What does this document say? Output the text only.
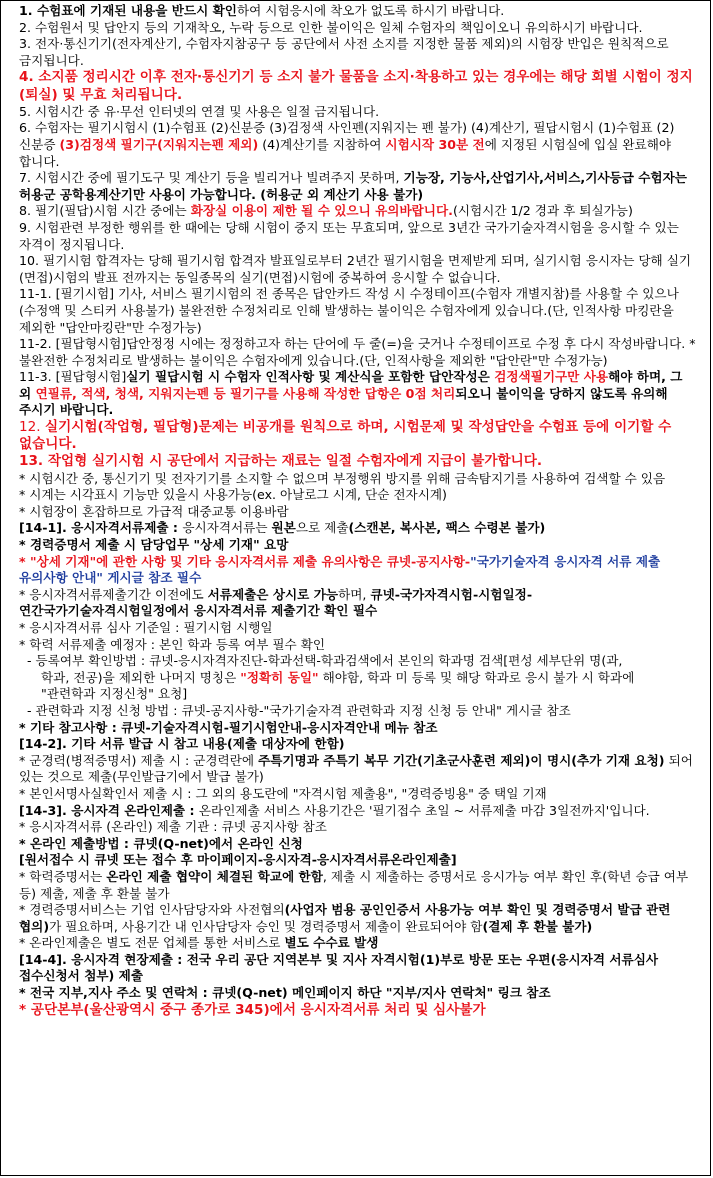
1. 수험표에 기재된 내용을 반드시 확인하여 시험응시에 착오가 없도록 하시기 바랍니다.

2. 수험원서 및 답안지 등의 기재착오, 누락 등으로 인한 불이익은 일체 수험자의 책임이오니 유의하시기 바랍니다.

3. 전자·통신기기(전자계산기, 수험자지참공구 등 공단에서 사전 소지를 지정한 물품 제외)의 시험장 반입은 원칙적으로 금지됩니다.

4. 소지품 정리시간 이후 전자·통신기기 등 소지 불가 물품을 소지·착용하고 있는 경우에는 해당 회별 시험이 정지(퇴실) 및 무효 처리됩니다.

5. 시험시간 중 유·무선 인터넷의 연결 및 사용은 일절 금지됩니다.

6. 수험자는 필기시험시 (1)수험표 (2)신분증 (3)검정색 사인펜(지워지는 펜 불가) (4)계산기, 필답시험시 (1)수험표 (2)신분증 (3)검정색 필기구(지워지는펜 제외) (4)계산기를 지참하여 시험시작 30분 전에 지정된 시험실에 입실 완료해야 합니다.

7. 시험시간 중에 필기도구 및 계산기 등을 빌리거나 빌려주지 못하며, 기능장, 기능사,산업기사,서비스,기사등급 수험자는 허용군 공학용계산기만 사용이 가능합니다. (허용군 외 계산기 사용 불가)

8. 필기(필답)시험 시간 중에는 화장실 이용이 제한 될 수 있으니 유의바랍니다.(시험시간 1/2 경과 후 퇴실가능)

9. 시험관련 부정한 행위를 한 때에는 당해 시험이 중지 또는 무효되며, 앞으로 3년간 국가기술자격시험을 응시할 수 있는 자격이 정지됩니다.

10. 필기시험 합격자는 당해 필기시험 합격자 발표일로부터 2년간 필기시험을 면제받게 되며, 실기시험 응시자는 당해 실기(면접)시험의 발표 전까지는 동일종목의 실기(면접)시험에 중복하여 응시할 수 없습니다.

11-1. [필기시험] 기사, 서비스 필기시험의 전 종목은 답안카드 작성 시 수정테이프(수험자 개별지참)를 사용할 수 있으나(수정액 및 스티커 사용불가) 불완전한 수정처리로 인해 발생하는 불이익은 수험자에게 있습니다.(단, 인적사항 마킹란을 제외한 "답안마킹란"만 수정가능)

11-2. [필답형시험]답안정정 시에는 정정하고자 하는 단어에 두 줄(=)을 긋거나 수정테이프로 수정 후 다시 작성바랍니다. * 불완전한 수정처리로 발생하는 불이익은 수험자에게 있습니다.(단, 인적사항을 제외한 "답안란"만 수정가능)

11-3. [필답형시험]실기 필답시험 시 수험자 인적사항 및 계산식을 포함한 답안작성은 검정색필기구만 사용해야 하며, 그 외 연필류, 적색, 청색, 지워지는펜 등 필기구를 사용해 작성한 답항은 0점 처리되오니 불이익을 당하지 않도록 유의해 주시기 바랍니다.

12. 실기시험(작업형, 필답형)문제는 비공개를 원칙으로 하며, 시험문제 및 작성답안을 수험표 등에 이기할 수 없습니다.

13. 작업형 실기시험 시 공단에서 지급하는 재료는 일절 수험자에게 지급이 불가합니다.

* 시험시간 중, 통신기기 및 전자기기를 소지할 수 없으며 부정행위 방지를 위해 금속탐지기를 사용하여 검색할 수 있음

* 시계는 시각표시 기능만 있을시 사용가능(ex. 아날로그 시계, 단순 전자시계)

* 시험장이 혼잡하므로 가급적 대중교통 이용바람

[14-1]. 응시자격서류제출 : 응시자격서류는 원본으로 제출(스캔본, 복사본, 팩스 수령본 불가)

* 경력증명서 제출 시 담당업무 "상세 기재" 요망

* "상세 기재"에 관한 사항 및 기타 응시자격서류 제출 유의사항은 큐넷-공지사항-"국가기술자격 응시자격 서류 제출 유의사항 안내" 게시글 참조 필수

* 응시자격서류제출기간 이전에도 서류제출은 상시로 가능하며, 큐넷-국가자격시험-시험일정-연간국가기술자격시험일정에서 응시자격서류 제출기간 확인 필수

* 응시자격서류 심사 기준일 : 필기시험 시행일

* 학력 서류제출 예정자 : 본인 학과 등록 여부 필수 확인

- 등록여부 확인방법 : 큐넷-응시자격자진단-학과선택-학과검색에서 본인의 학과명 검색[편성 세부단위 명(과,

학과, 전공)을 제외한 나머지 명칭은 "정확히 동일" 해야함, 학과 미 등록 및 해당 학과로 응시 불가 시 학과에

"관련학과 지정신청" 요청]

- 관련학과 지정 신청 방법 : 큐넷-공지사항-"국가기술자격 관련학과 지정 신청 등 안내" 게시글 참조

* 기타 참고사항 : 큐넷-기술자격시험-필기시험안내-응시자격안내 메뉴 참조

[14-2]. 기타 서류 발급 시 참고 내용(제출 대상자에 한함)

* 군경력(병적증명서) 제출 시 : 군경력란에 주특기명과 주특기 복무 기간(기초군사훈련 제외)이 명시(추가 기재 요청) 되어 있는 것으로 제출(무인발급기에서 발급 불가)

* 본인서명사실확인서 제출 시 : 그 외의 용도란에 "자격시험 제출용", "경력증빙용" 중 택일 기재

[14-3]. 응시자격 온라인제출 : 온라인제출 서비스 사용기간은 '필기접수 초일 ~ 서류제출 마감 3일전까지'입니다.

* 응시자격서류 (온라인) 제출 기관 : 큐넷 공지사항 참조

* 온라인 제출방법 : 큐넷(Q-net)에서 온라인 신청

[원서접수 시 큐넷 또는 접수 후 마이페이지-응시자격-응시자격서류온라인제출]

* 학력증명서는 온라인 제출 협약이 체결된 학교에 한함, 제출 시 제출하는 증명서로 응시가능 여부 확인 후(학년 승급 여부 등) 제출, 제출 후 환불 불가

* 경력증명서비스는 기업 인사담당자와 사전협의(사업자 범용 공인인증서 사용가능 여부 확인 및 경력증명서 발급 관련 협의)가 필요하며, 사용기간 내 인사담당자 승인 및 경력증명서 제출이 완료되어야 함(결제 후 환불 불가)

* 온라인제출은 별도 전문 업체를 통한 서비스로 별도 수수료 발생

[14-4]. 응시자격 현장제출 : 전국 우리 공단 지역본부 및 지사 자격시험(1)부로 방문 또는 우편(응시자격 서류심사 접수신청서 첨부) 제출

* 전국 지부,지사 주소 및 연락처 : 큐넷(Q-net) 메인페이지 하단 "지부/지사 연락처" 링크 참조

* 공단본부(울산광역시 중구 종가로 345)에서 응시자격서류 처리 및 심사불가
